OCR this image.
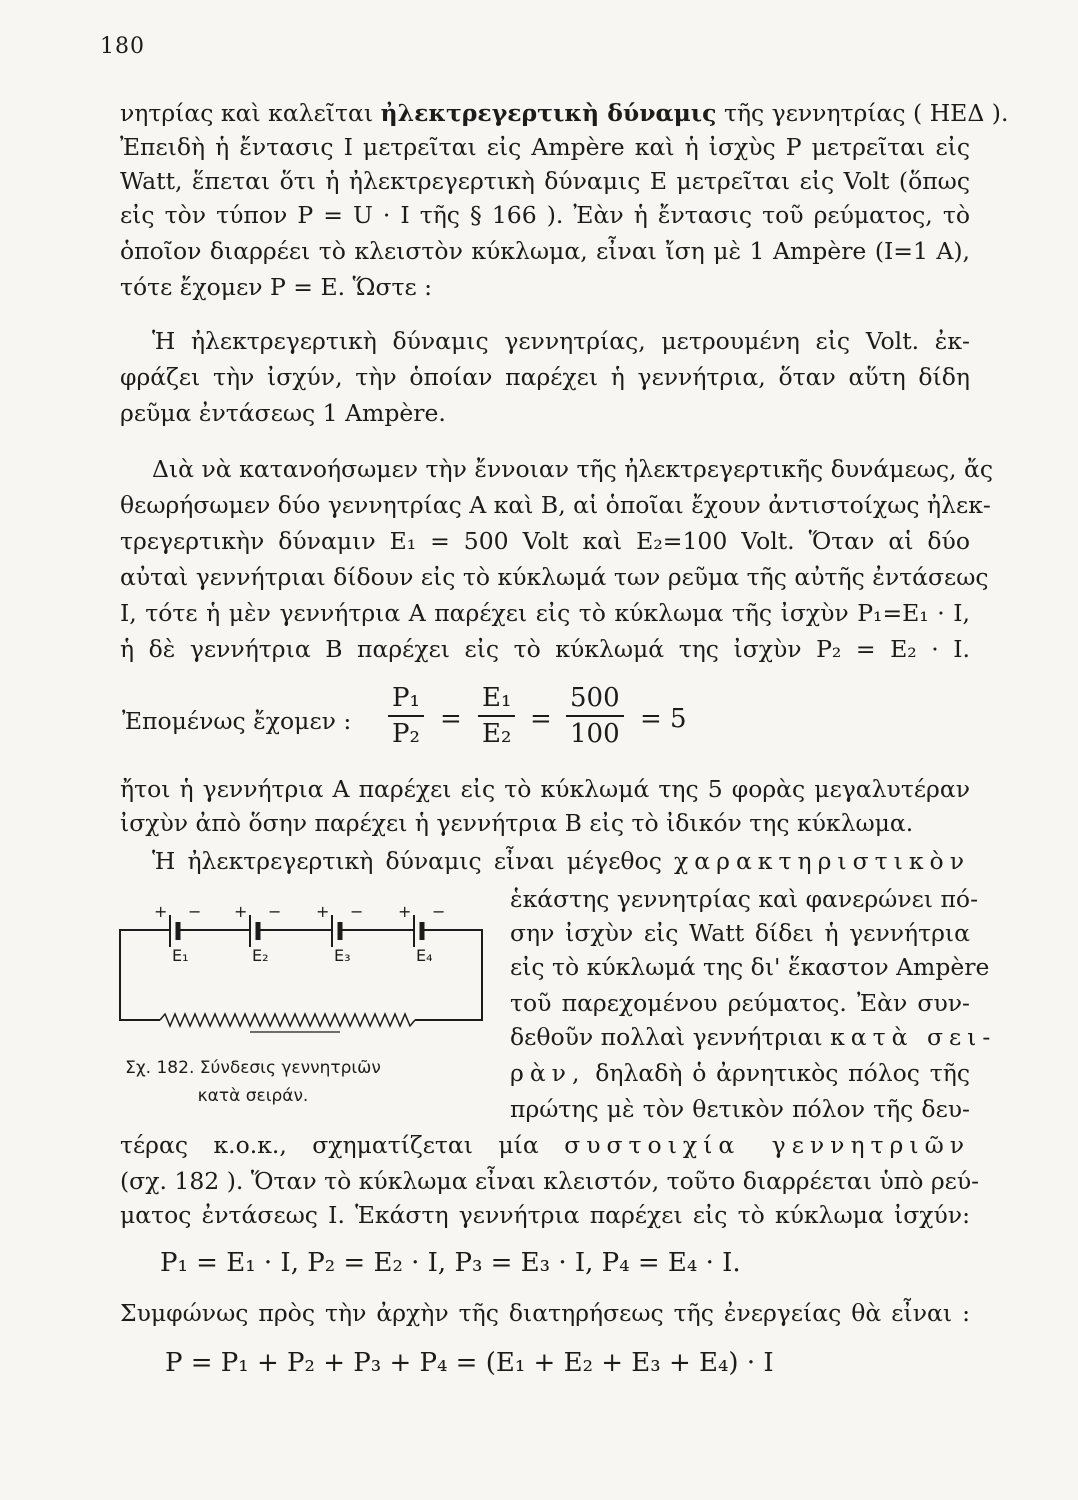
180
νητρίας καὶ καλεῖται ἠλεκτρεγερτικὴ δύναμις τῆς γεννητρίας ( ΗΕΔ ).
Ἐπειδὴ ἡ ἔντασις I μετρεῖται εἰς Ampère καὶ ἡ ἰσχὺς P μετρεῖται εἰς
Watt, ἕπεται ὅτι ἡ ἠλεκτρεγερτικὴ δύναμις E μετρεῖται εἰς Volt (ὅπως
εἰς τὸν τύπον P = U · I τῆς § 166 ). Ἐὰν ἡ ἔντασις τοῦ ρεύματος, τὸ
ὁποῖον διαρρέει τὸ κλειστὸν κύκλωμα, εἶναι ἴση μὲ 1 Ampère (I=1 A),
τότε ἔχομεν P = E. Ὥστε :
Ἡ ἠλεκτρεγερτικὴ δύναμις γεννητρίας, μετρουμένη εἰς Volt. ἐκ-
φράζει τὴν ἰσχύν, τὴν ὁποίαν παρέχει ἡ γεννήτρια, ὅταν αὕτη δίδη
ρεῦμα ἐντάσεως 1 Ampère.
Διὰ νὰ κατανοήσωμεν τὴν ἔννοιαν τῆς ἠλεκτρεγερτικῆς δυνάμεως, ἄς
θεωρήσωμεν δύο γεννητρίας A καὶ B, αἱ ὁποῖαι ἔχουν ἀντιστοίχως ἠλεκ-
τρεγερτικὴν δύναμιν E₁ = 500 Volt καὶ E₂=100 Volt. Ὅταν αἱ δύο
αὐταὶ γεννήτριαι δίδουν εἰς τὸ κύκλωμά των ρεῦμα τῆς αὐτῆς ἐντάσεως
I, τότε ἡ μὲν γεννήτρια A παρέχει εἰς τὸ κύκλωμα τῆς ἰσχὺν P₁=E₁ · I,
ἡ δὲ γεννήτρια B παρέχει εἰς τὸ κύκλωμά της ἰσχὺν P₂ = E₂ · I.
Ἐπομένως ἔχομεν :	$\frac{\text{P₁}}{\text{P₂}} = \frac{\text{E₁}}{\text{E₂}} = \frac{500}{100} = 5$
ἤτοι ἡ γεννήτρια A παρέχει εἰς τὸ κύκλωμά της 5 φορὰς μεγαλυτέραν
ἰσχὺν ἀπὸ ὅσην παρέχει ἡ γεννήτρια B εἰς τὸ ἰδικόν της κύκλωμα.
Ἡ ἠλεκτρεγερτικὴ δύναμις εἶναι μέγεθος χαρακτηριστικὸν
ἑκάστης γεννητρίας καὶ φανερώνει πό-
σην ἰσχὺν εἰς Watt δίδει ἡ γεννήτρια
εἰς τὸ κύκλωμά της δι' ἕκαστον Ampère
τοῦ παρεχομένου ρεύματος. Ἐὰν συν-
δεθοῦν πολλαὶ γεννήτριαι κατὰ σει-
ρὰν, δηλαδὴ ὁ ἀρνητικὸς πόλος τῆς
πρώτης μὲ τὸν θετικὸν πόλον τῆς δευ-
τέρας κ.ο.κ., σχηματίζεται μία συστοιχία γεννητριῶν
(σχ. 182 ). Ὅταν τὸ κύκλωμα εἶναι κλειστόν, τοῦτο διαρρέεται ὑπὸ ρεύ-
ματος ἐντάσεως I. Ἑκάστη γεννήτρια παρέχει εἰς τὸ κύκλωμα ἰσχύν:
+ − + − + − + −
E₁	E₂	E₃	E₄
Σχ. 182. Σύνδεσις γεννητριῶν
κατὰ σειράν.
P₁ = E₁ · I, P₂ = E₂ · I, P₃ = E₃ · I, P₄ = E₄ · I.
Συμφώνως πρὸς τὴν ἀρχὴν τῆς διατηρήσεως τῆς ἐνεργείας θὰ εἶναι :
P = P₁ + P₂ + P₃ + P₄ = (E₁ + E₂ + E₃ + E₄) · I
